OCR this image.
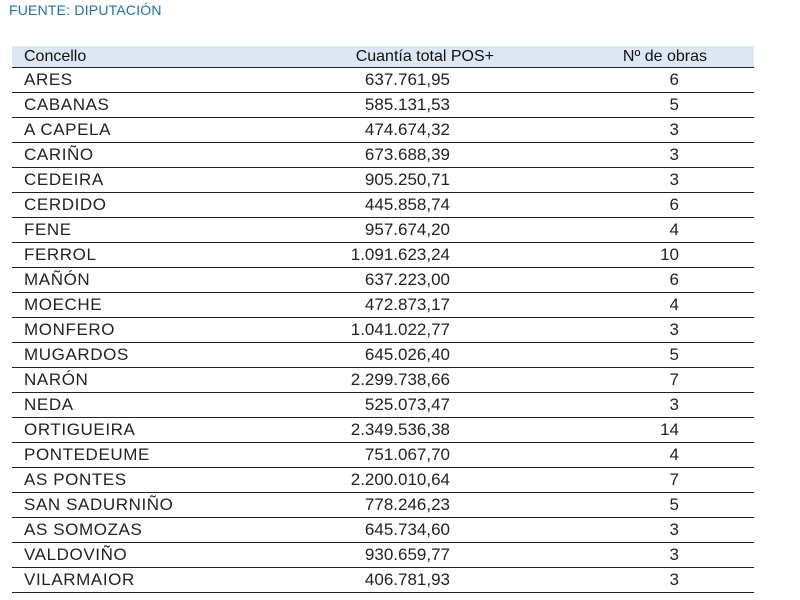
FUENTE: DIPUTACIÓN
Concello	Cuantía total POS+	Nº de obras
ARES	637.761,95	6
CABANAS	585.131,53	5
A CAPELA	474.674,32	3
CARIÑO	673.688,39	3
CEDEIRA	905.250,71	3
CERDIDO	445.858,74	6
FENE	957.674,20	4
FERROL	1.091.623,24	10
MAÑÓN	637.223,00	6
MOECHE	472.873,17	4
MONFERO	1.041.022,77	3
MUGARDOS	645.026,40	5
NARÓN	2.299.738,66	7
NEDA	525.073,47	3
ORTIGUEIRA	2.349.536,38	14
PONTEDEUME	751.067,70	4
AS PONTES	2.200.010,64	7
SAN SADURNIÑO	778.246,23	5
AS SOMOZAS	645.734,60	3
VALDOVIÑO	930.659,77	3
VILARMAIOR	406.781,93	3
